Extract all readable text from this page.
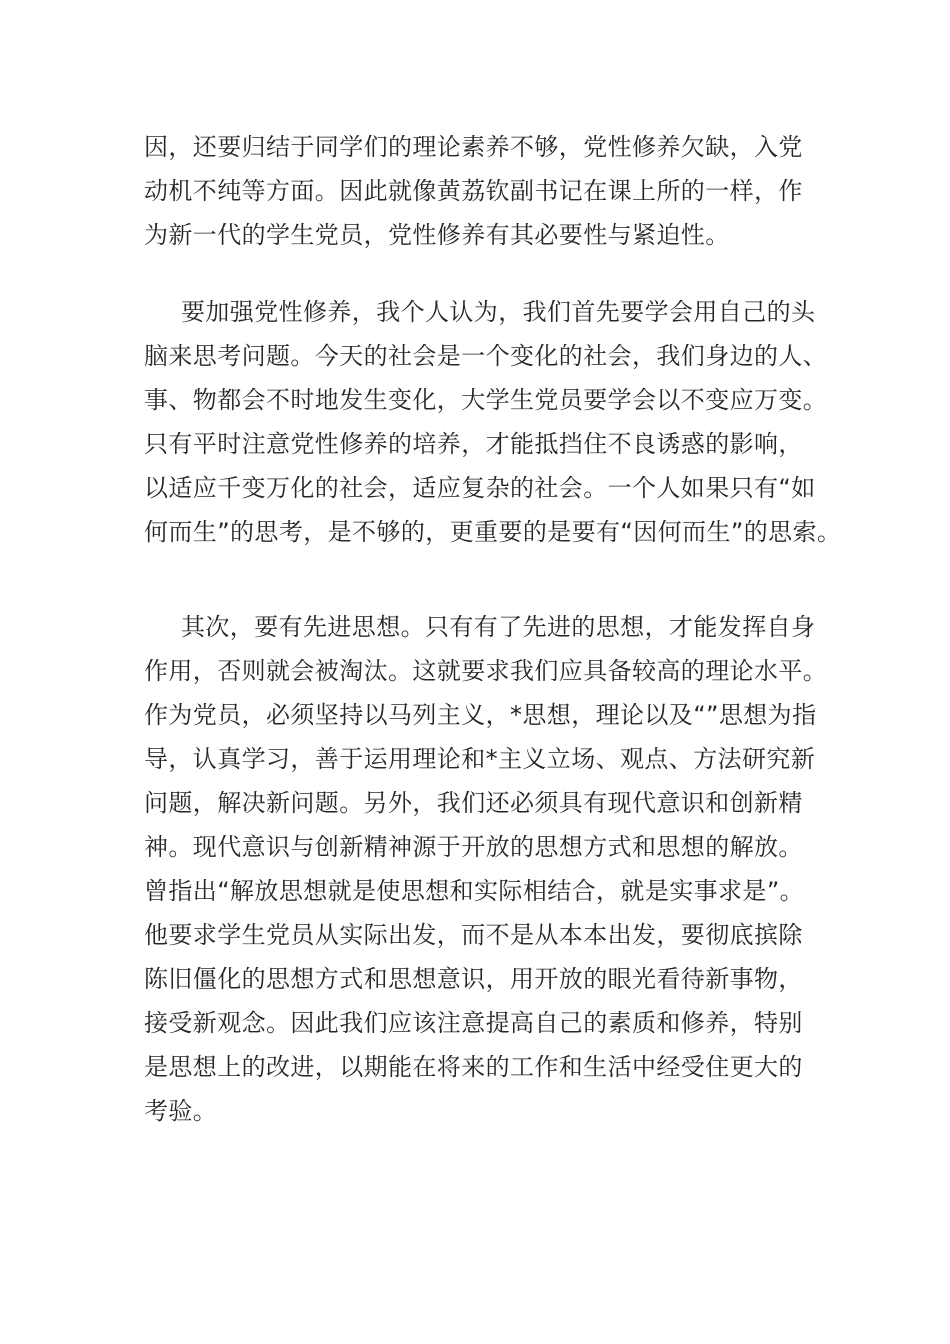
因，还要归结于同学们的理论素养不够，党性修养欠缺，入党
动机不纯等方面。因此就像黄荔钦副书记在课上所的一样，作
为新一代的学生党员，党性修养有其必要性与紧迫性。
要加强党性修养，我个人认为，我们首先要学会用自己的头
脑来思考问题。今天的社会是一个变化的社会，我们身边的人、
事、物都会不时地发生变化，大学生党员要学会以不变应万变。
只有平时注意党性修养的培养，才能抵挡住不良诱惑的影响，
以适应千变万化的社会，适应复杂的社会。一个人如果只有“如
何而生”的思考，是不够的，更重要的是要有“因何而生”的思索。
其次，要有先进思想。只有有了先进的思想，才能发挥自身
作用，否则就会被淘汰。这就要求我们应具备较高的理论水平。
作为党员，必须坚持以马列主义，*思想，理论以及“”思想为指
导，认真学习，善于运用理论和*主义立场、观点、方法研究新
问题，解决新问题。另外，我们还必须具有现代意识和创新精
神。现代意识与创新精神源于开放的思想方式和思想的解放。
曾指出“解放思想就是使思想和实际相结合，就是实事求是”。
他要求学生党员从实际出发，而不是从本本出发，要彻底摈除
陈旧僵化的思想方式和思想意识，用开放的眼光看待新事物，
接受新观念。因此我们应该注意提高自己的素质和修养，特别
是思想上的改进，以期能在将来的工作和生活中经受住更大的
考验。
